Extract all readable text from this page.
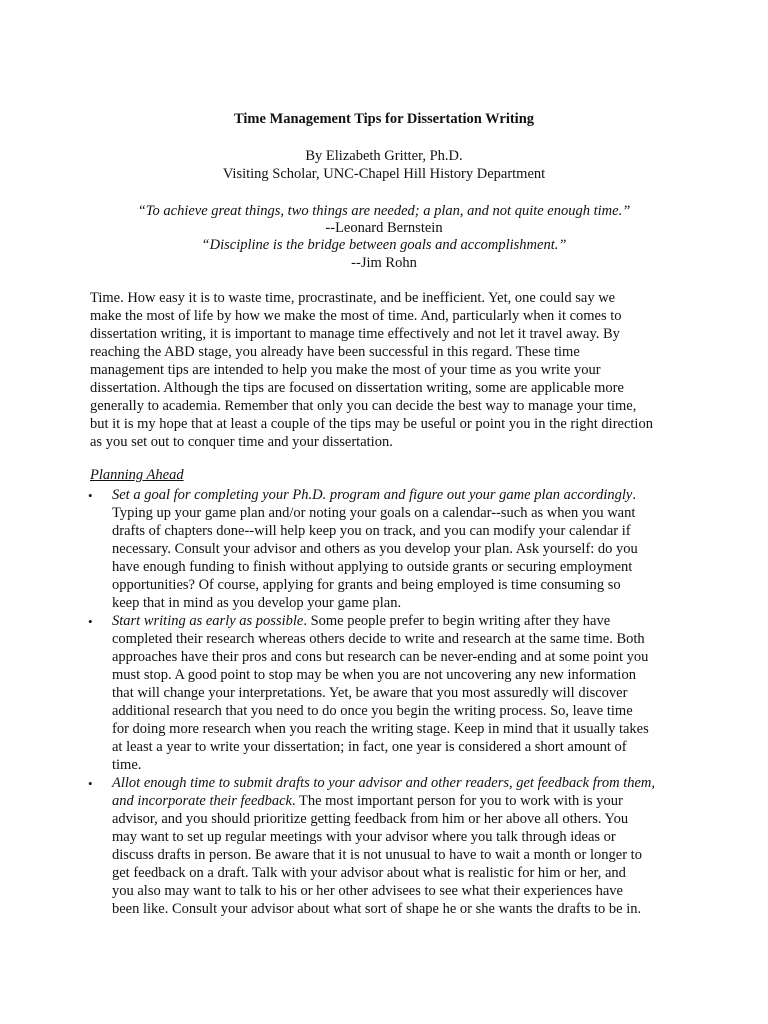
Time Management Tips for Dissertation Writing
By Elizabeth Gritter, Ph.D.
Visiting Scholar, UNC-Chapel Hill History Department
“To achieve great things, two things are needed; a plan, and not quite enough time.”
--Leonard Bernstein
“Discipline is the bridge between goals and accomplishment.”
--Jim Rohn
Time. How easy it is to waste time, procrastinate, and be inefficient. Yet, one could say we
make the most of life by how we make the most of time. And, particularly when it comes to
dissertation writing, it is important to manage time effectively and not let it travel away. By
reaching the ABD stage, you already have been successful in this regard. These time
management tips are intended to help you make the most of your time as you write your
dissertation. Although the tips are focused on dissertation writing, some are applicable more
generally to academia. Remember that only you can decide the best way to manage your time,
but it is my hope that at least a couple of the tips may be useful or point you in the right direction
as you set out to conquer time and your dissertation.
Planning Ahead
• Set a goal for completing your Ph.D. program and figure out your game plan accordingly.
Typing up your game plan and/or noting your goals on a calendar--such as when you want
drafts of chapters done--will help keep you on track, and you can modify your calendar if
necessary. Consult your advisor and others as you develop your plan. Ask yourself: do you
have enough funding to finish without applying to outside grants or securing employment
opportunities? Of course, applying for grants and being employed is time consuming so
keep that in mind as you develop your game plan.
• Start writing as early as possible. Some people prefer to begin writing after they have
completed their research whereas others decide to write and research at the same time. Both
approaches have their pros and cons but research can be never-ending and at some point you
must stop. A good point to stop may be when you are not uncovering any new information
that will change your interpretations. Yet, be aware that you most assuredly will discover
additional research that you need to do once you begin the writing process. So, leave time
for doing more research when you reach the writing stage. Keep in mind that it usually takes
at least a year to write your dissertation; in fact, one year is considered a short amount of
time.
• Allot enough time to submit drafts to your advisor and other readers, get feedback from them,
and incorporate their feedback. The most important person for you to work with is your
advisor, and you should prioritize getting feedback from him or her above all others. You
may want to set up regular meetings with your advisor where you talk through ideas or
discuss drafts in person. Be aware that it is not unusual to have to wait a month or longer to
get feedback on a draft. Talk with your advisor about what is realistic for him or her, and
you also may want to talk to his or her other advisees to see what their experiences have
been like. Consult your advisor about what sort of shape he or she wants the drafts to be in.
